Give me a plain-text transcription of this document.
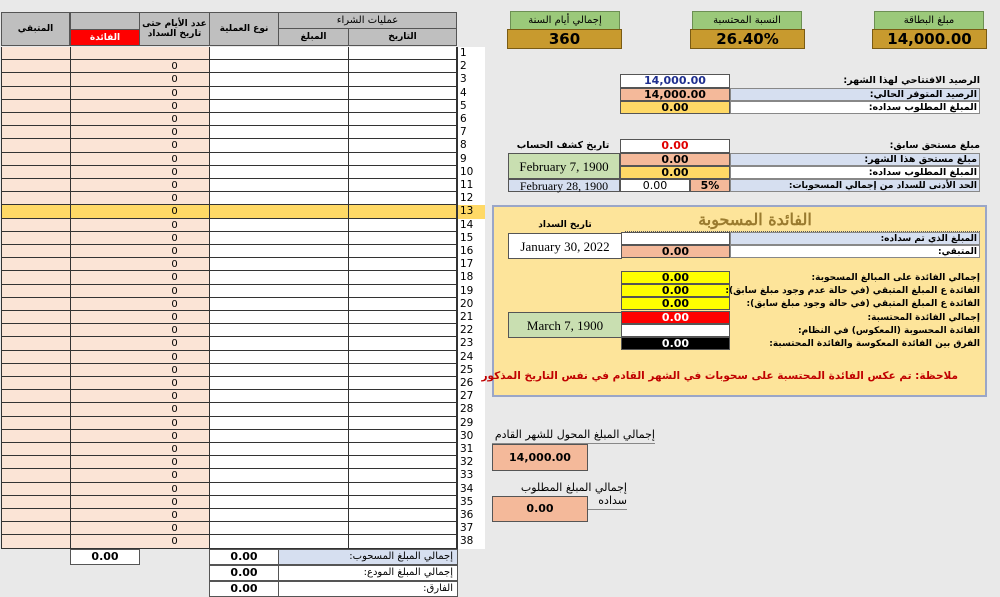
المتبقي
الفائدة
عدد الأيام حتى تاريخ السداد	نوع العملية
عمليات الشراء
المبلغ	التاريخ
1
0	2
0	3
0	4
0	5
0	6
0	7
0	8
0	9
0	10
0	11
0	12
0	13
0	14
0	15
0	16
0	17
0	18
0	19
0	20
0	21
0	22
0	23
0	24
0	25
0	26
0	27
0	28
0	29
0	30
0	31
0	32
0	33
0	34
0	35
0	36
0	37
0	38
0.00	0.00	إجمالي المبلغ المسحوب:
0.00	إجمالي المبلغ المودع:
0.00	الفارق:
إجمالي أيام السنة
360
النسبة المحتسبة
26.40%
مبلغ البطاقة
14,000.00
14,000.00	الرصيد الافتتاحي لهذا الشهر:
14,000.00	الرصيد المتوفر الحالي:
0.00	المبلغ المطلوب سداده:
تاريخ كشف الحساب	0.00	مبلغ مستحق سابق:
February 7, 1900	0.00	مبلغ مستحق هذا الشهر:
0.00	المبلغ المطلوب سداده:
February 28, 1900	0.00	5%	الحد الأدنى للسداد من إجمالي المسحوبات:
الفائدة المسحوبة
تاريخ السداد
January 30, 2022	المبلغ الذي تم سداده:
0.00	المتبقي:
0.00	إجمالي الفائدة على المبالغ المسحوبة:
0.00	الفائدة ع المبلغ المتبقي (في حالة عدم وجود مبلغ سابق):
0.00	الفائدة ع المبلغ المتبقي (في حالة وجود مبلغ سابق):
March 7, 1900
0.00	إجمالي الفائدة المحتسبة:
الفائدة المحسوبة (المعكوس) في النظام:
0.00	الفرق بين الفائدة المعكوسة والفائدة المحتسبة:
ملاحظة: تم عكس الفائدة المحتسبة على سحوبات في الشهر القادم في نفس التاريخ المذكور
إجمالي المبلغ المحول للشهر القادم
14,000.00
إجمالي المبلغ المطلوب سداده
0.00
